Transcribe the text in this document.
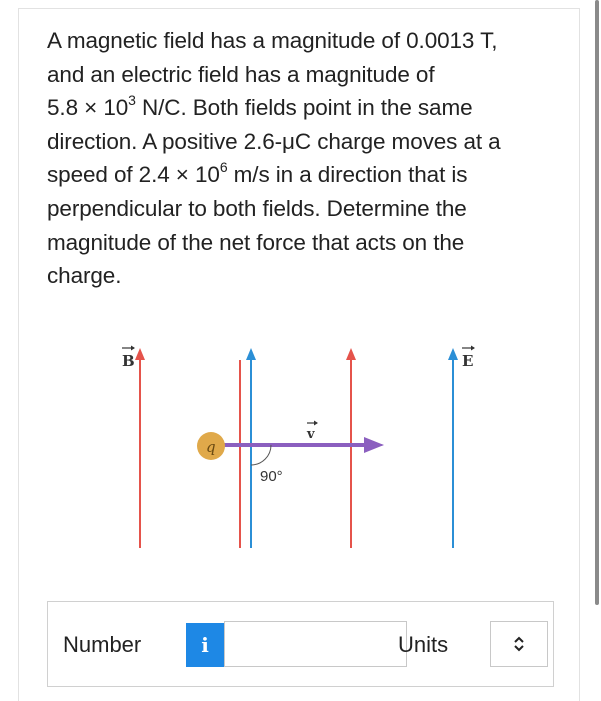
A magnetic field has a magnitude of 0.0013 T,
and an electric field has a magnitude of
$5.8 \times 10^3$ N/C. Both fields point in the same
direction. A positive 2.6-μC charge moves at a
speed of $2.4 \times 10^6$ m/s in a direction that is
perpendicular to both fields. Determine the
magnitude of the net force that acts on the
charge.
B	E
v
q
90°
Number	i	Units
